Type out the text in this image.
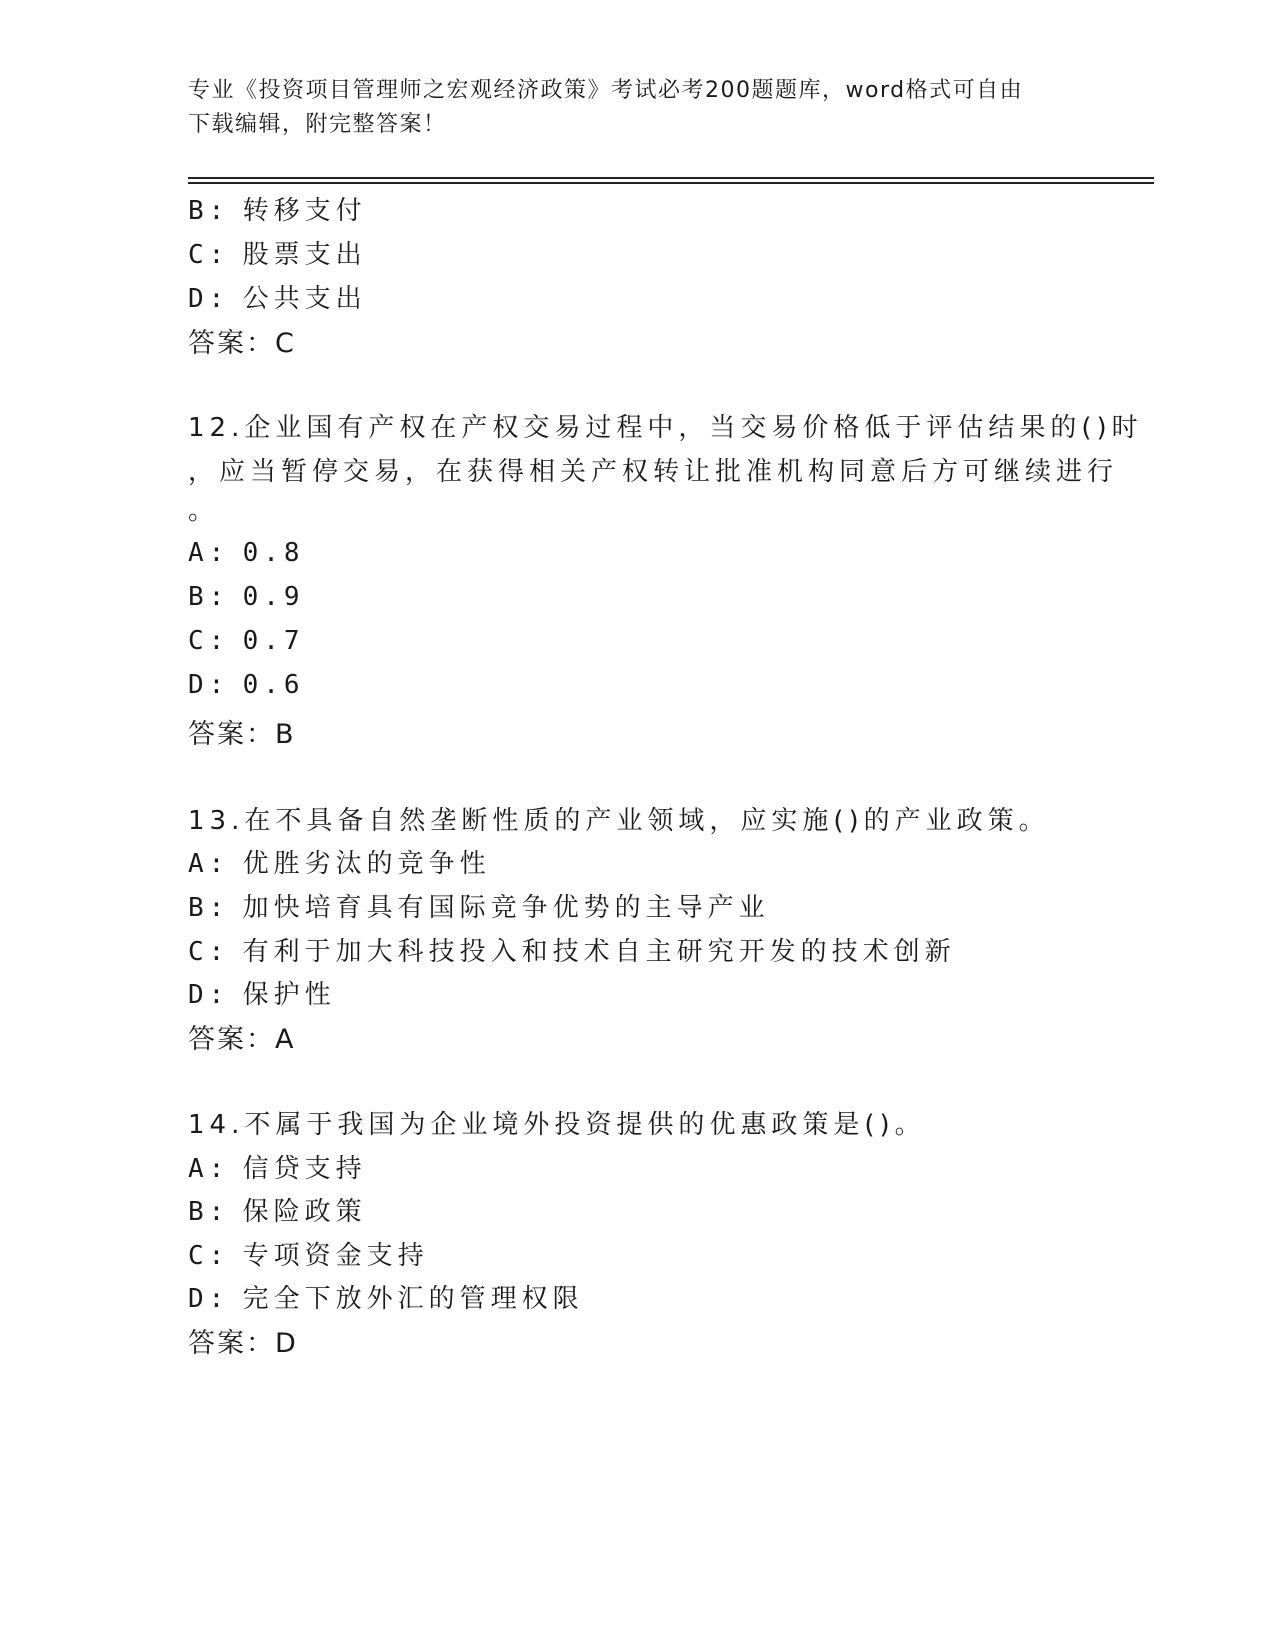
专业《投资项目管理师之宏观经济政策》考试必考200题题库，word格式可自由
下载编辑，附完整答案！
B: 转移支付
C: 股票支出
D: 公共支出
答案：C
12.企业国有产权在产权交易过程中，当交易价格低于评估结果的()时
，应当暂停交易，在获得相关产权转让批准机构同意后方可继续进行
。
A: 0.8
B: 0.9
C: 0.7
D: 0.6
答案：B
13.在不具备自然垄断性质的产业领域，应实施()的产业政策。
A: 优胜劣汰的竞争性
B: 加快培育具有国际竞争优势的主导产业
C: 有利于加大科技投入和技术自主研究开发的技术创新
D: 保护性
答案：A
14.不属于我国为企业境外投资提供的优惠政策是()。
A: 信贷支持
B: 保险政策
C: 专项资金支持
D: 完全下放外汇的管理权限
答案：D
